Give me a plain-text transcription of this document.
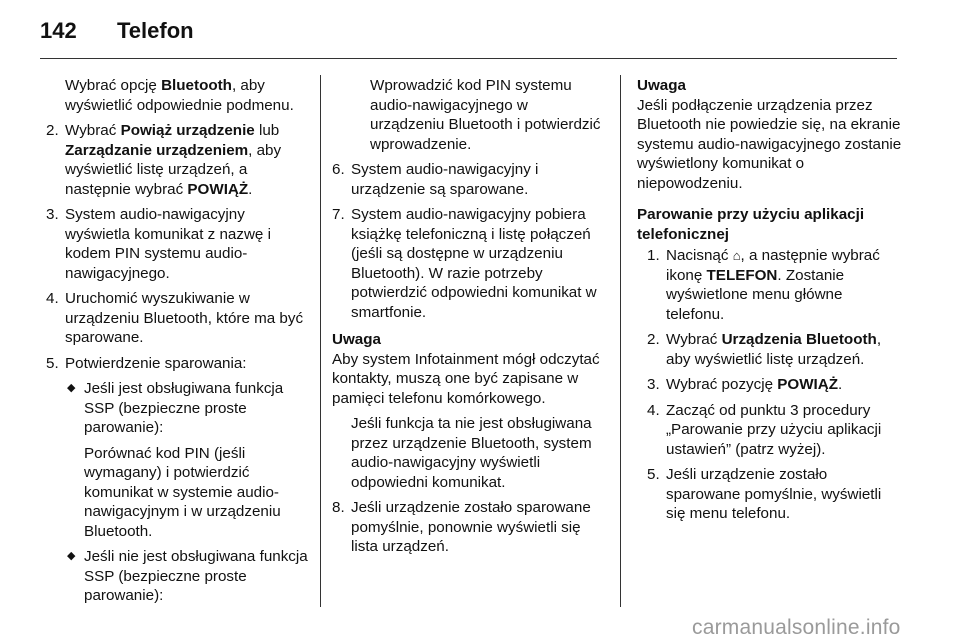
142 Telefon

Wybrać opcję Bluetooth, aby wyświetlić odpowiednie podmenu.

2. Wybrać Powiąż urządzenie lub Zarządzanie urządzeniem, aby wyświetlić listę urządzeń, a następnie wybrać POWIĄŻ.
3. System audio-nawigacyjny wyświetla komunikat z nazwę i kodem PIN systemu audio-nawigacyjnego.
4. Uruchomić wyszukiwanie w urządzeniu Bluetooth, które ma być sparowane.
5. Potwierdzenie sparowania:
◆ Jeśli jest obsługiwana funkcja SSP (bezpieczne proste parowanie):

Porównać kod PIN (jeśli wymagany) i potwierdzić komunikat w systemie audio-nawigacyjnym i w urządzeniu Bluetooth.

◆ Jeśli nie jest obsługiwana funkcja SSP (bezpieczne proste parowanie):

Wprowadzić kod PIN systemu audio-nawigacyjnego w urządzeniu Bluetooth i potwierdzić wprowadzenie.

6. System audio-nawigacyjny i urządzenie są sparowane.
7. System audio-nawigacyjny pobiera książkę telefoniczną i listę połączeń (jeśli są dostępne w urządzeniu Bluetooth). W razie potrzeby potwierdzić odpowiedni komunikat w smartfonie.

Uwaga

Aby system Infotainment mógł odczytać kontakty, muszą one być zapisane w pamięci telefonu komórkowego.

Jeśli funkcja ta nie jest obsługiwana przez urządzenie Bluetooth, system audio-nawigacyjny wyświetli odpowiedni komunikat.

8. Jeśli urządzenie zostało sparowane pomyślnie, ponownie wyświetli się lista urządzeń.

Uwaga

Jeśli podłączenie urządzenia przez Bluetooth nie powiedzie się, na ekranie systemu audio-nawigacyjnego zostanie wyświetlony komunikat o niepowodzeniu.

Parowanie przy użyciu aplikacji telefonicznej

1. Nacisnąć ⌂, a następnie wybrać ikonę TELEFON. Zostanie wyświetlone menu główne telefonu.
2. Wybrać Urządzenia Bluetooth, aby wyświetlić listę urządzeń.
3. Wybrać pozycję POWIĄŻ.
4. Zacząć od punktu 3 procedury „Parowanie przy użyciu aplikacji ustawień” (patrz wyżej).
5. Jeśli urządzenie zostało sparowane pomyślnie, wyświetli się menu telefonu.
carmanualsonline.info
